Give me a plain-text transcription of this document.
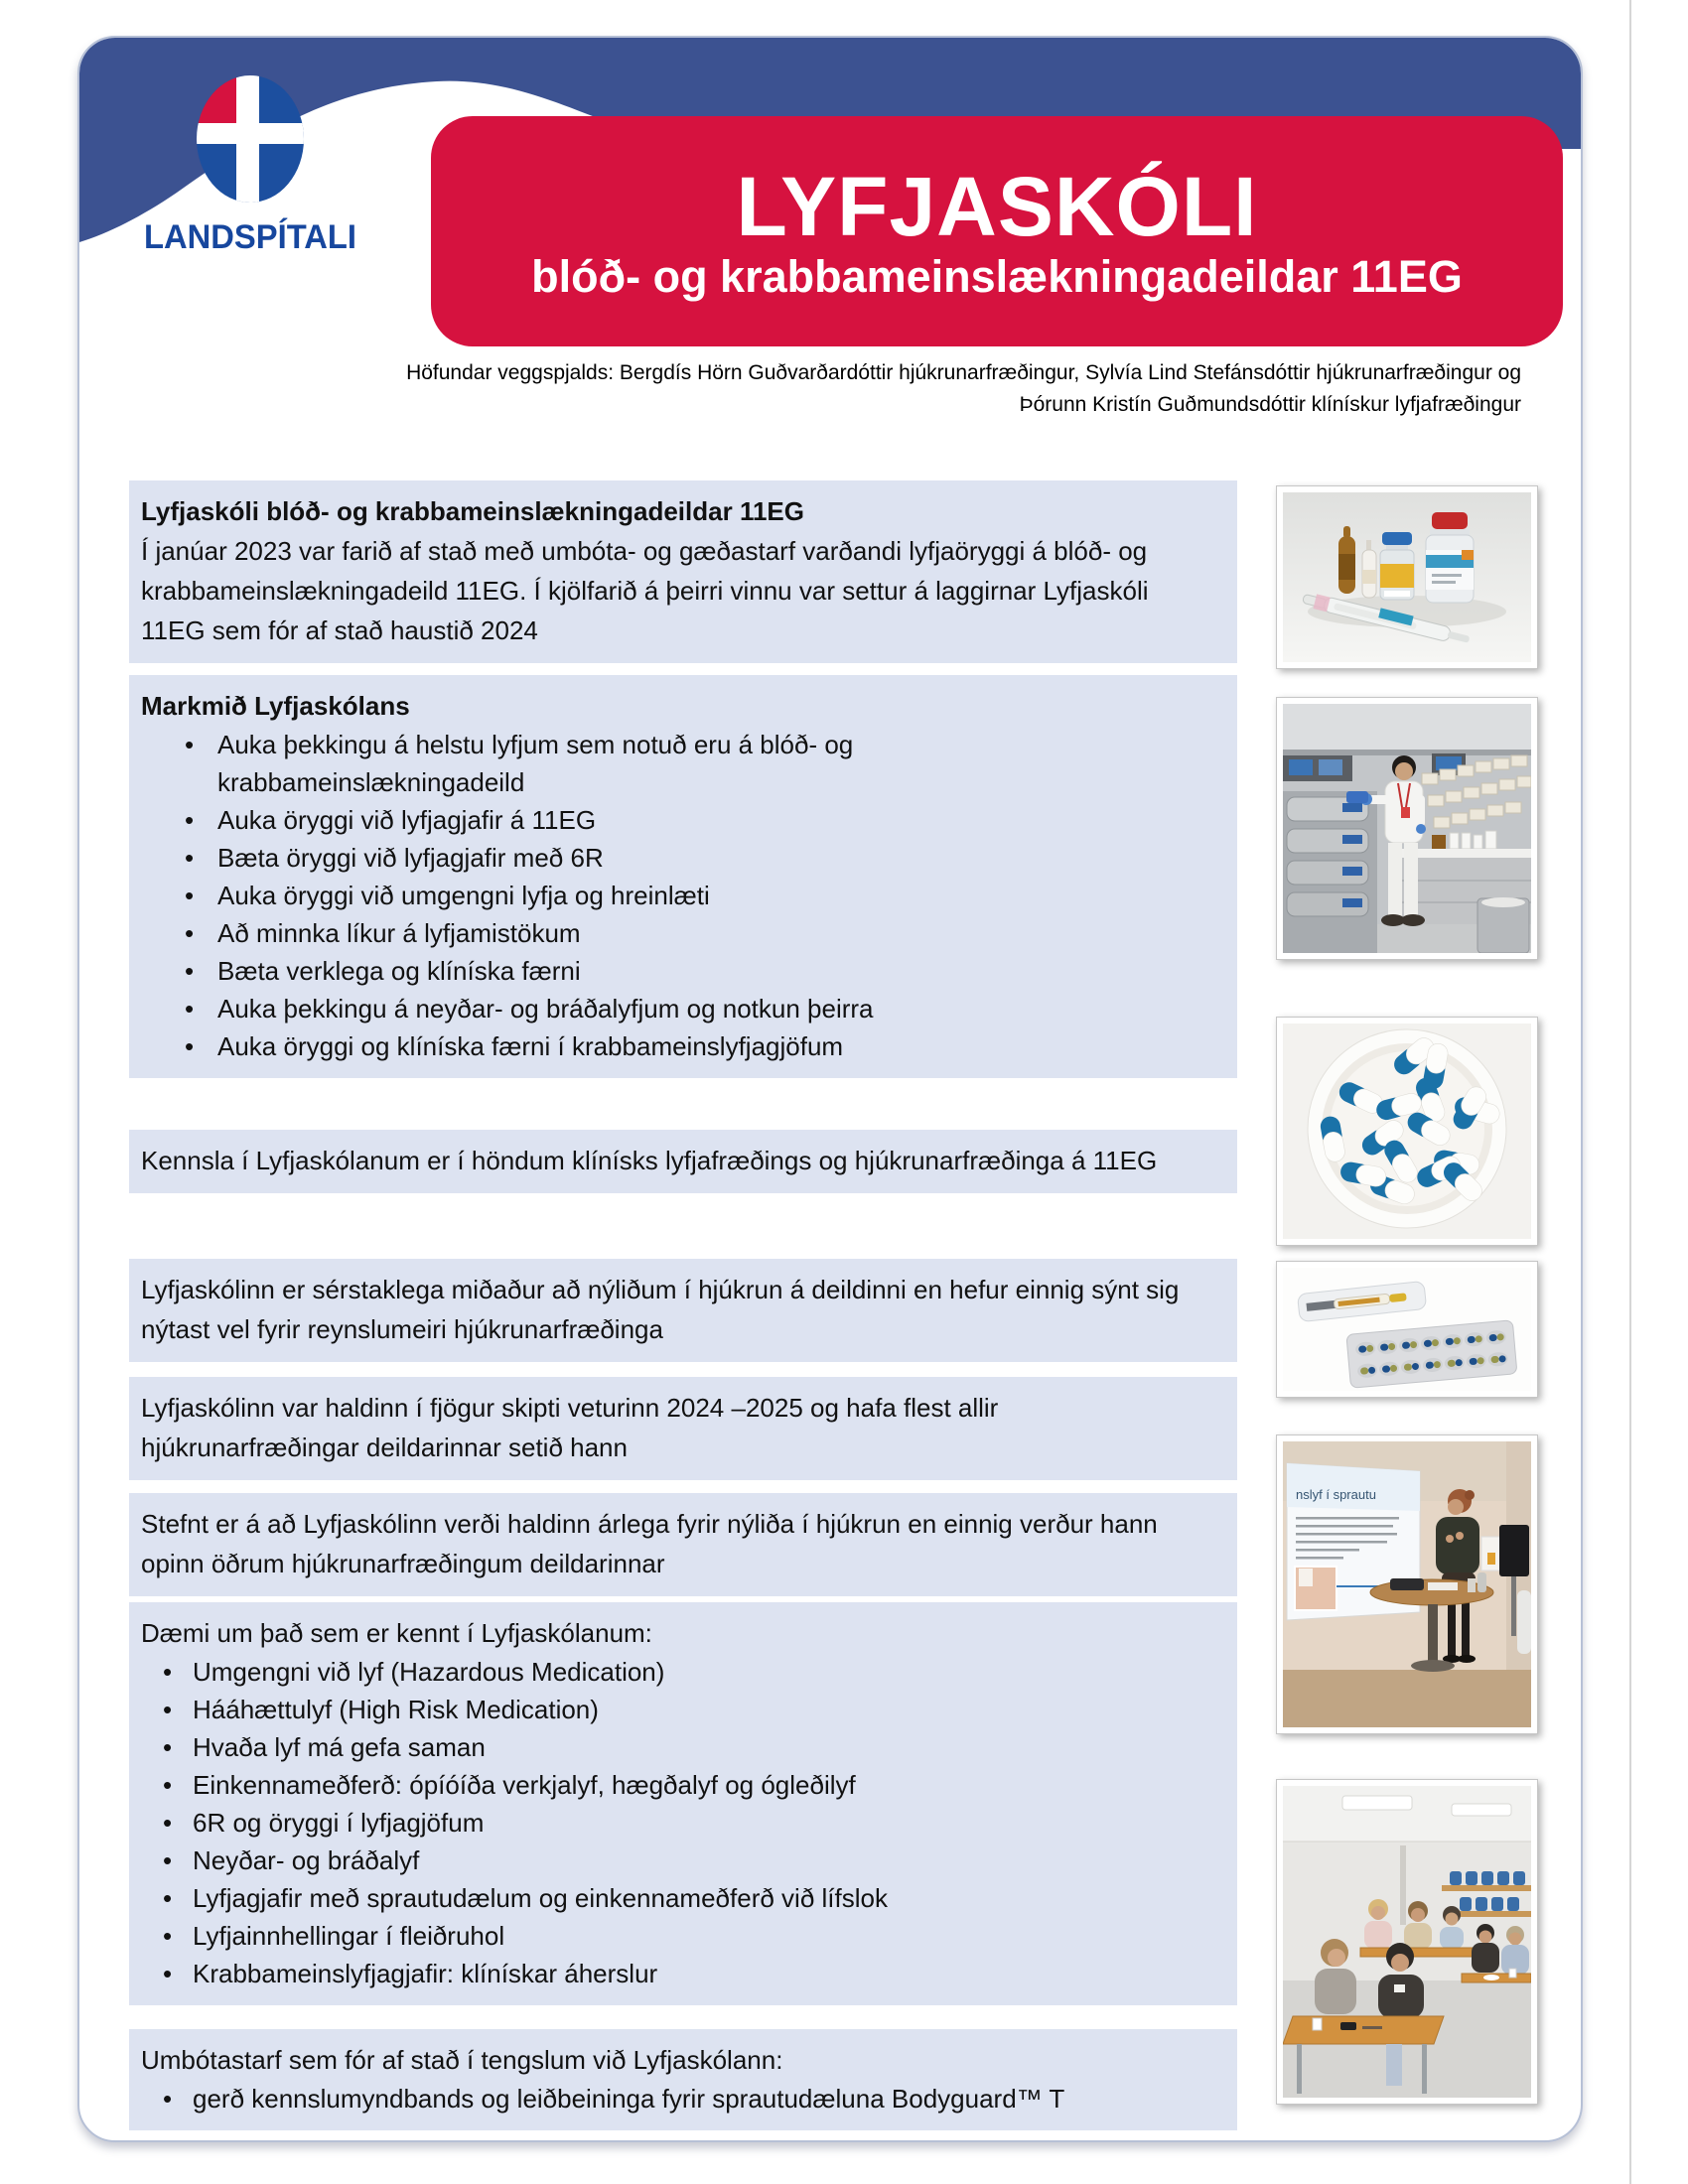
LANDSPÍTALI	LYFJASKÓLI
blóð- og krabbameinslækningadeildar 11EG
Höfundar veggspjalds: Bergdís Hörn Guðvarðardóttir hjúkrunarfræðingur, Sylvía Lind Stefánsdóttir hjúkrunarfræðingur og
Þórunn Kristín Guðmundsdóttir klínískur lyfjafræðingur
Lyfjaskóli blóð- og krabbameinslækningadeildar 11EG

Í janúar 2023 var farið af stað með umbóta- og gæðastarf varðandi lyfjaöryggi á blóð- og krabbameinslækningadeild 11EG. Í kjölfarið á þeirri vinnu var settur á laggirnar Lyfjaskóli 11EG sem fór af stað haustið 2024

Markmið Lyfjaskólans
• Auka þekkingu á helstu lyfjum sem notuð eru á blóð- og krabbameinslækningadeild
• Auka öryggi við lyfjagjafir á 11EG
• Bæta öryggi við lyfjagjafir með 6R
• Auka öryggi við umgengni lyfja og hreinlæti
• Að minnka líkur á lyfjamistökum
• Bæta verklega og klíníska færni
• Auka þekkingu á neyðar- og bráðalyfjum og notkun þeirra
• Auka öryggi og klíníska færni í krabbameinslyfjagjöfum

Kennsla í Lyfjaskólanum er í höndum klínísks lyfjafræðings og hjúkrunarfræðinga á 11EG

Lyfjaskólinn er sérstaklega miðaður að nýliðum í hjúkrun á deildinni en hefur einnig sýnt sig nýtast vel fyrir reynslumeiri hjúkrunarfræðinga

Lyfjaskólinn var haldinn í fjögur skipti veturinn 2024 –2025 og hafa flest allir hjúkrunarfræðingar deildarinnar setið hann

Stefnt er á að Lyfjaskólinn verði haldinn árlega fyrir nýliða í hjúkrun en einnig verður hann opinn öðrum hjúkrunarfræðingum deildarinnar

Dæmi um það sem er kennt í Lyfjaskólanum:

• Umgengni við lyf (Hazardous Medication)
• Hááhættulyf (High Risk Medication)
• Hvaða lyf má gefa saman
• Einkennameðferð: ópíóíða verkjalyf, hægðalyf og ógleðilyf
• 6R og öryggi í lyfjagjöfum
• Neyðar- og bráðalyf
• Lyfjagjafir með sprautudælum og einkennameðferð við lífslok
• Lyfjainnhellingar í fleiðruhol
• Krabbameinslyfjagjafir: klínískar áherslur

Umbótastarf sem fór af stað í tengslum við Lyfjaskólann:

• gerð kennslumyndbands og leiðbeininga fyrir sprautudæluna Bodyguard™ T
nslyf í sprautu
